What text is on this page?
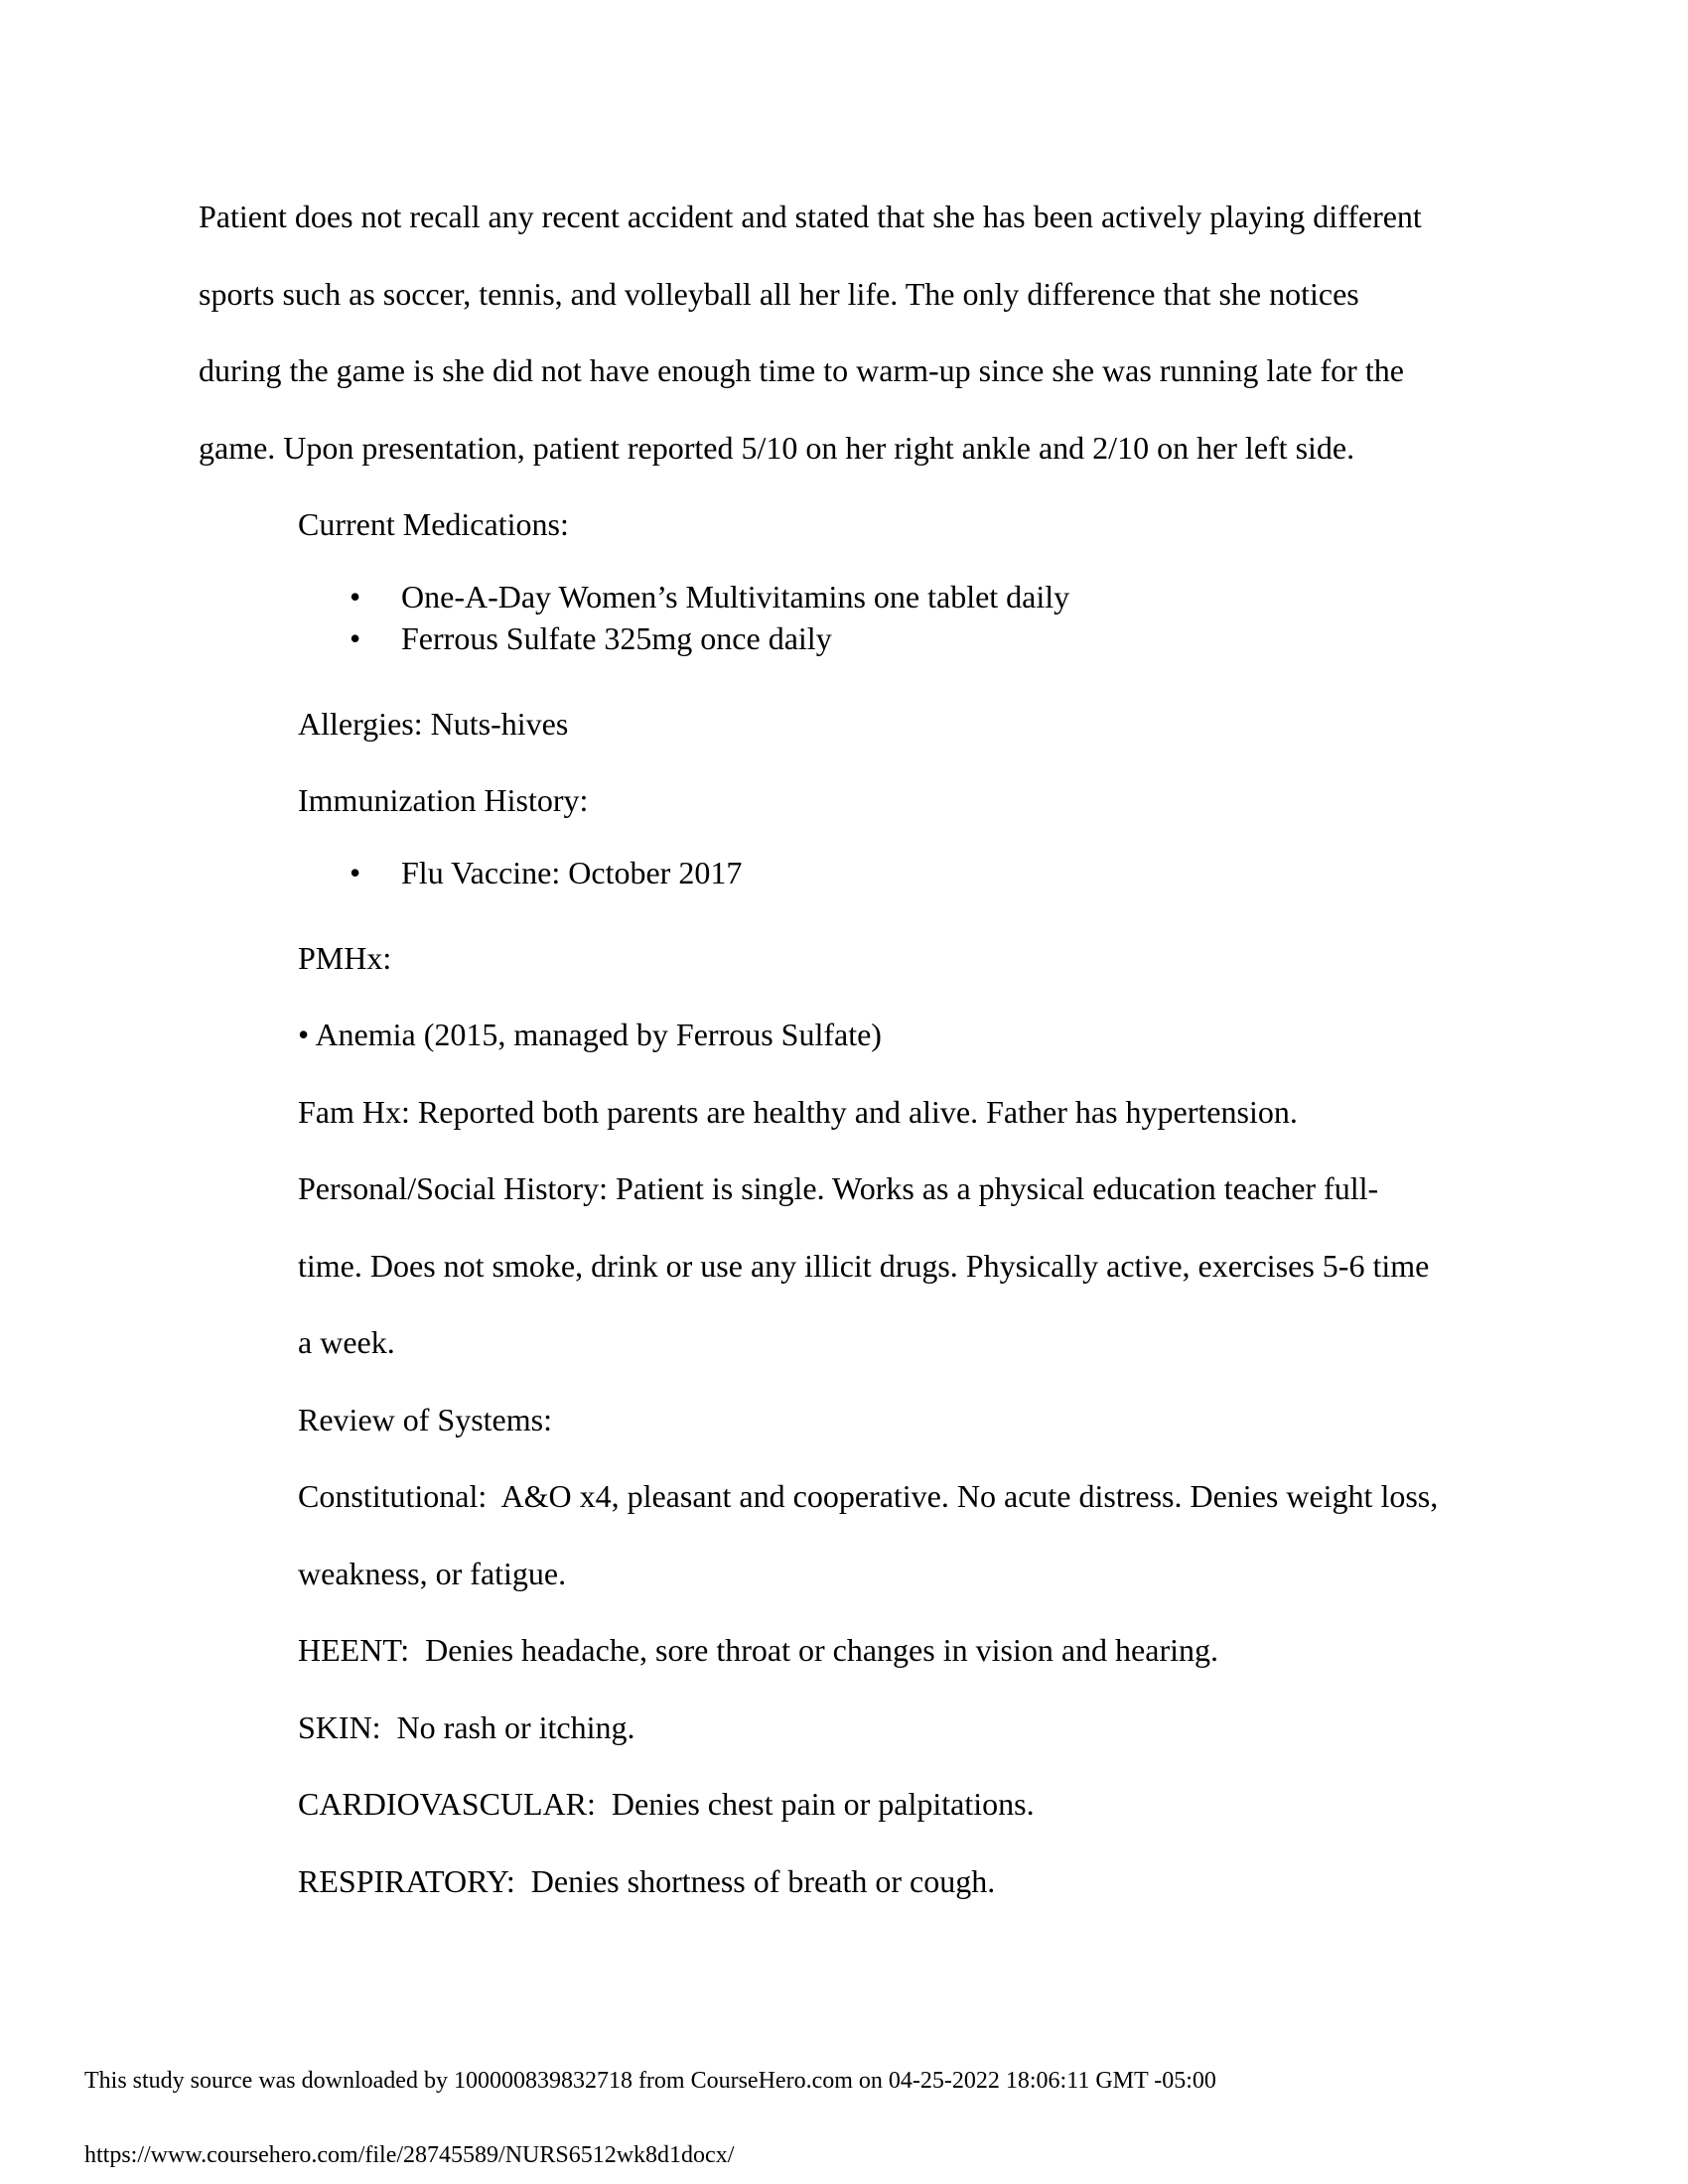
Patient does not recall any recent accident and stated that she has been actively playing different
sports such as soccer, tennis, and volleyball all her life. The only difference that she notices
during the game is she did not have enough time to warm-up since she was running late for the
game. Upon presentation, patient reported 5/10 on her right ankle and 2/10 on her left side.
Current Medications:
•	One-A-Day Women’s Multivitamins one tablet daily
•	Ferrous Sulfate 325mg once daily
Allergies: Nuts-hives
Immunization History:
•	Flu Vaccine: October 2017
PMHx:
• Anemia (2015, managed by Ferrous Sulfate)
Fam Hx: Reported both parents are healthy and alive. Father has hypertension.
Personal/Social History: Patient is single. Works as a physical education teacher full-
time. Does not smoke, drink or use any illicit drugs. Physically active, exercises 5-6 time
a week.
Review of Systems:
Constitutional:  A&O x4, pleasant and cooperative. No acute distress. Denies weight loss,
weakness, or fatigue.
HEENT:  Denies headache, sore throat or changes in vision and hearing.
SKIN:  No rash or itching.
CARDIOVASCULAR:  Denies chest pain or palpitations.
RESPIRATORY:  Denies shortness of breath or cough.
This study source was downloaded by 100000839832718 from CourseHero.com on 04-25-2022 18:06:11 GMT -05:00
https://www.coursehero.com/file/28745589/NURS6512wk8d1docx/
